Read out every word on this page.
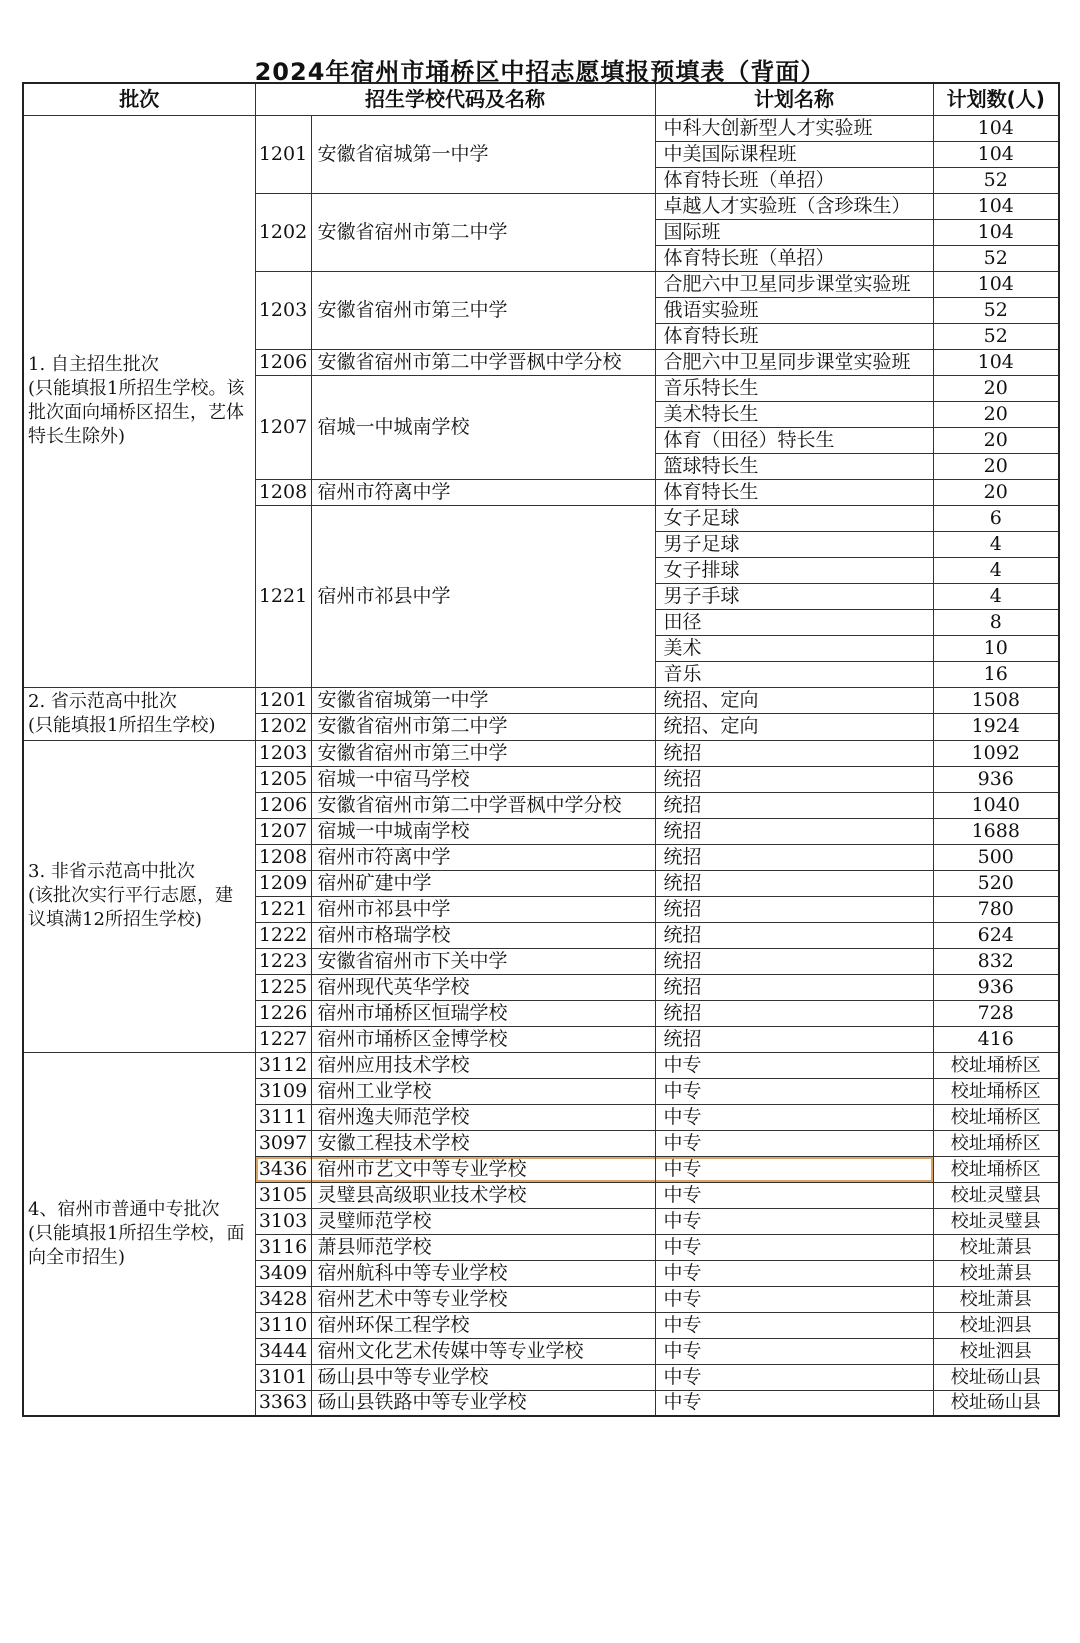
2024年宿州市埇桥区中招志愿填报预填表（背面）
批次	招生学校代码及名称		计划名称	计划数(人)
1. 自主招生批次
(只能填报1所招生学校。该批次面向埇桥区招生，艺体特长生除外)	1201	安徽省宿城第一中学	中科大创新型人才实验班	104
			中美国际课程班	104
			体育特长班（单招）	52
	1202	安徽省宿州市第二中学	卓越人才实验班（含珍珠生）	104
			国际班	104
			体育特长班（单招）	52
	1203	安徽省宿州市第三中学	合肥六中卫星同步课堂实验班	104
			俄语实验班	52
			体育特长班	52
	1206	安徽省宿州市第二中学晋枫中学分校	合肥六中卫星同步课堂实验班	104
	1207	宿城一中城南学校	音乐特长生	20
			美术特长生	20
			体育（田径）特长生	20
			篮球特长生	20
	1208	宿州市符离中学	体育特长生	20
	1221	宿州市祁县中学	女子足球	6
			男子足球	4
			女子排球	4
			男子手球	4
			田径	8
			美术	10
			音乐	16
2. 省示范高中批次
(只能填报1所招生学校)	1201	安徽省宿城第一中学	统招、定向	1508
	1202	安徽省宿州市第二中学	统招、定向	1924
3. 非省示范高中批次
(该批次实行平行志愿，建议填满12所招生学校)	1203	安徽省宿州市第三中学	统招	1092
	1205	宿城一中宿马学校	统招	936
	1206	安徽省宿州市第二中学晋枫中学分校	统招	1040
	1207	宿城一中城南学校	统招	1688
	1208	宿州市符离中学	统招	500
	1209	宿州矿建中学	统招	520
	1221	宿州市祁县中学	统招	780
	1222	宿州市格瑞学校	统招	624
	1223	安徽省宿州市下关中学	统招	832
	1225	宿州现代英华学校	统招	936
	1226	宿州市埇桥区恒瑞学校	统招	728
	1227	宿州市埇桥区金博学校	统招	416
4、宿州市普通中专批次
(只能填报1所招生学校，面向全市招生)	3112	宿州应用技术学校	中专	校址埇桥区
	3109	宿州工业学校	中专	校址埇桥区
	3111	宿州逸夫师范学校	中专	校址埇桥区
	3097	安徽工程技术学校	中专	校址埇桥区
	3436	宿州市艺文中等专业学校	中专	校址埇桥区
	3105	灵璧县高级职业技术学校	中专	校址灵璧县
	3103	灵璧师范学校	中专	校址灵璧县
	3116	萧县师范学校	中专	校址萧县
	3409	宿州航科中等专业学校	中专	校址萧县
	3428	宿州艺术中等专业学校	中专	校址萧县
	3110	宿州环保工程学校	中专	校址泗县
	3444	宿州文化艺术传媒中等专业学校	中专	校址泗县
	3101	砀山县中等专业学校	中专	校址砀山县
	3363	砀山县铁路中等专业学校	中专	校址砀山县
